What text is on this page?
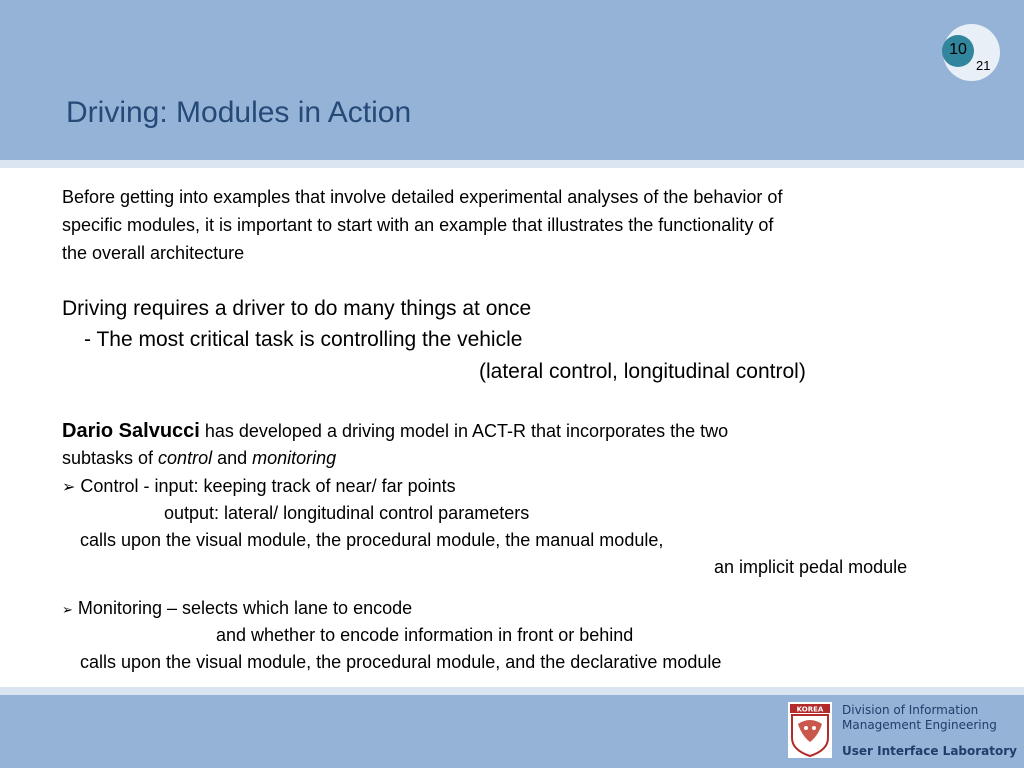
Driving: Modules in Action
10
21
Before getting into examples that involve detailed experimental analyses of the behavior of
specific modules, it is important to start with an example that illustrates the functionality of
the overall architecture
Driving requires a driver to do many things at once
- The most critical task is controlling the vehicle
(lateral control, longitudinal control)
Dario Salvucci has developed a driving model in ACT-R that incorporates the two
subtasks of control and monitoring
➢ Control - input: keeping track of near/ far points
output: lateral/ longitudinal control parameters
calls upon the visual module, the procedural module, the manual module,
an implicit pedal module
➢ Monitoring – selects which lane to encode
and whether to encode information in front or behind
calls upon the visual module, the procedural module, and the declarative module
KOREA Division of Information
Management Engineering
User Interface Laboratory
